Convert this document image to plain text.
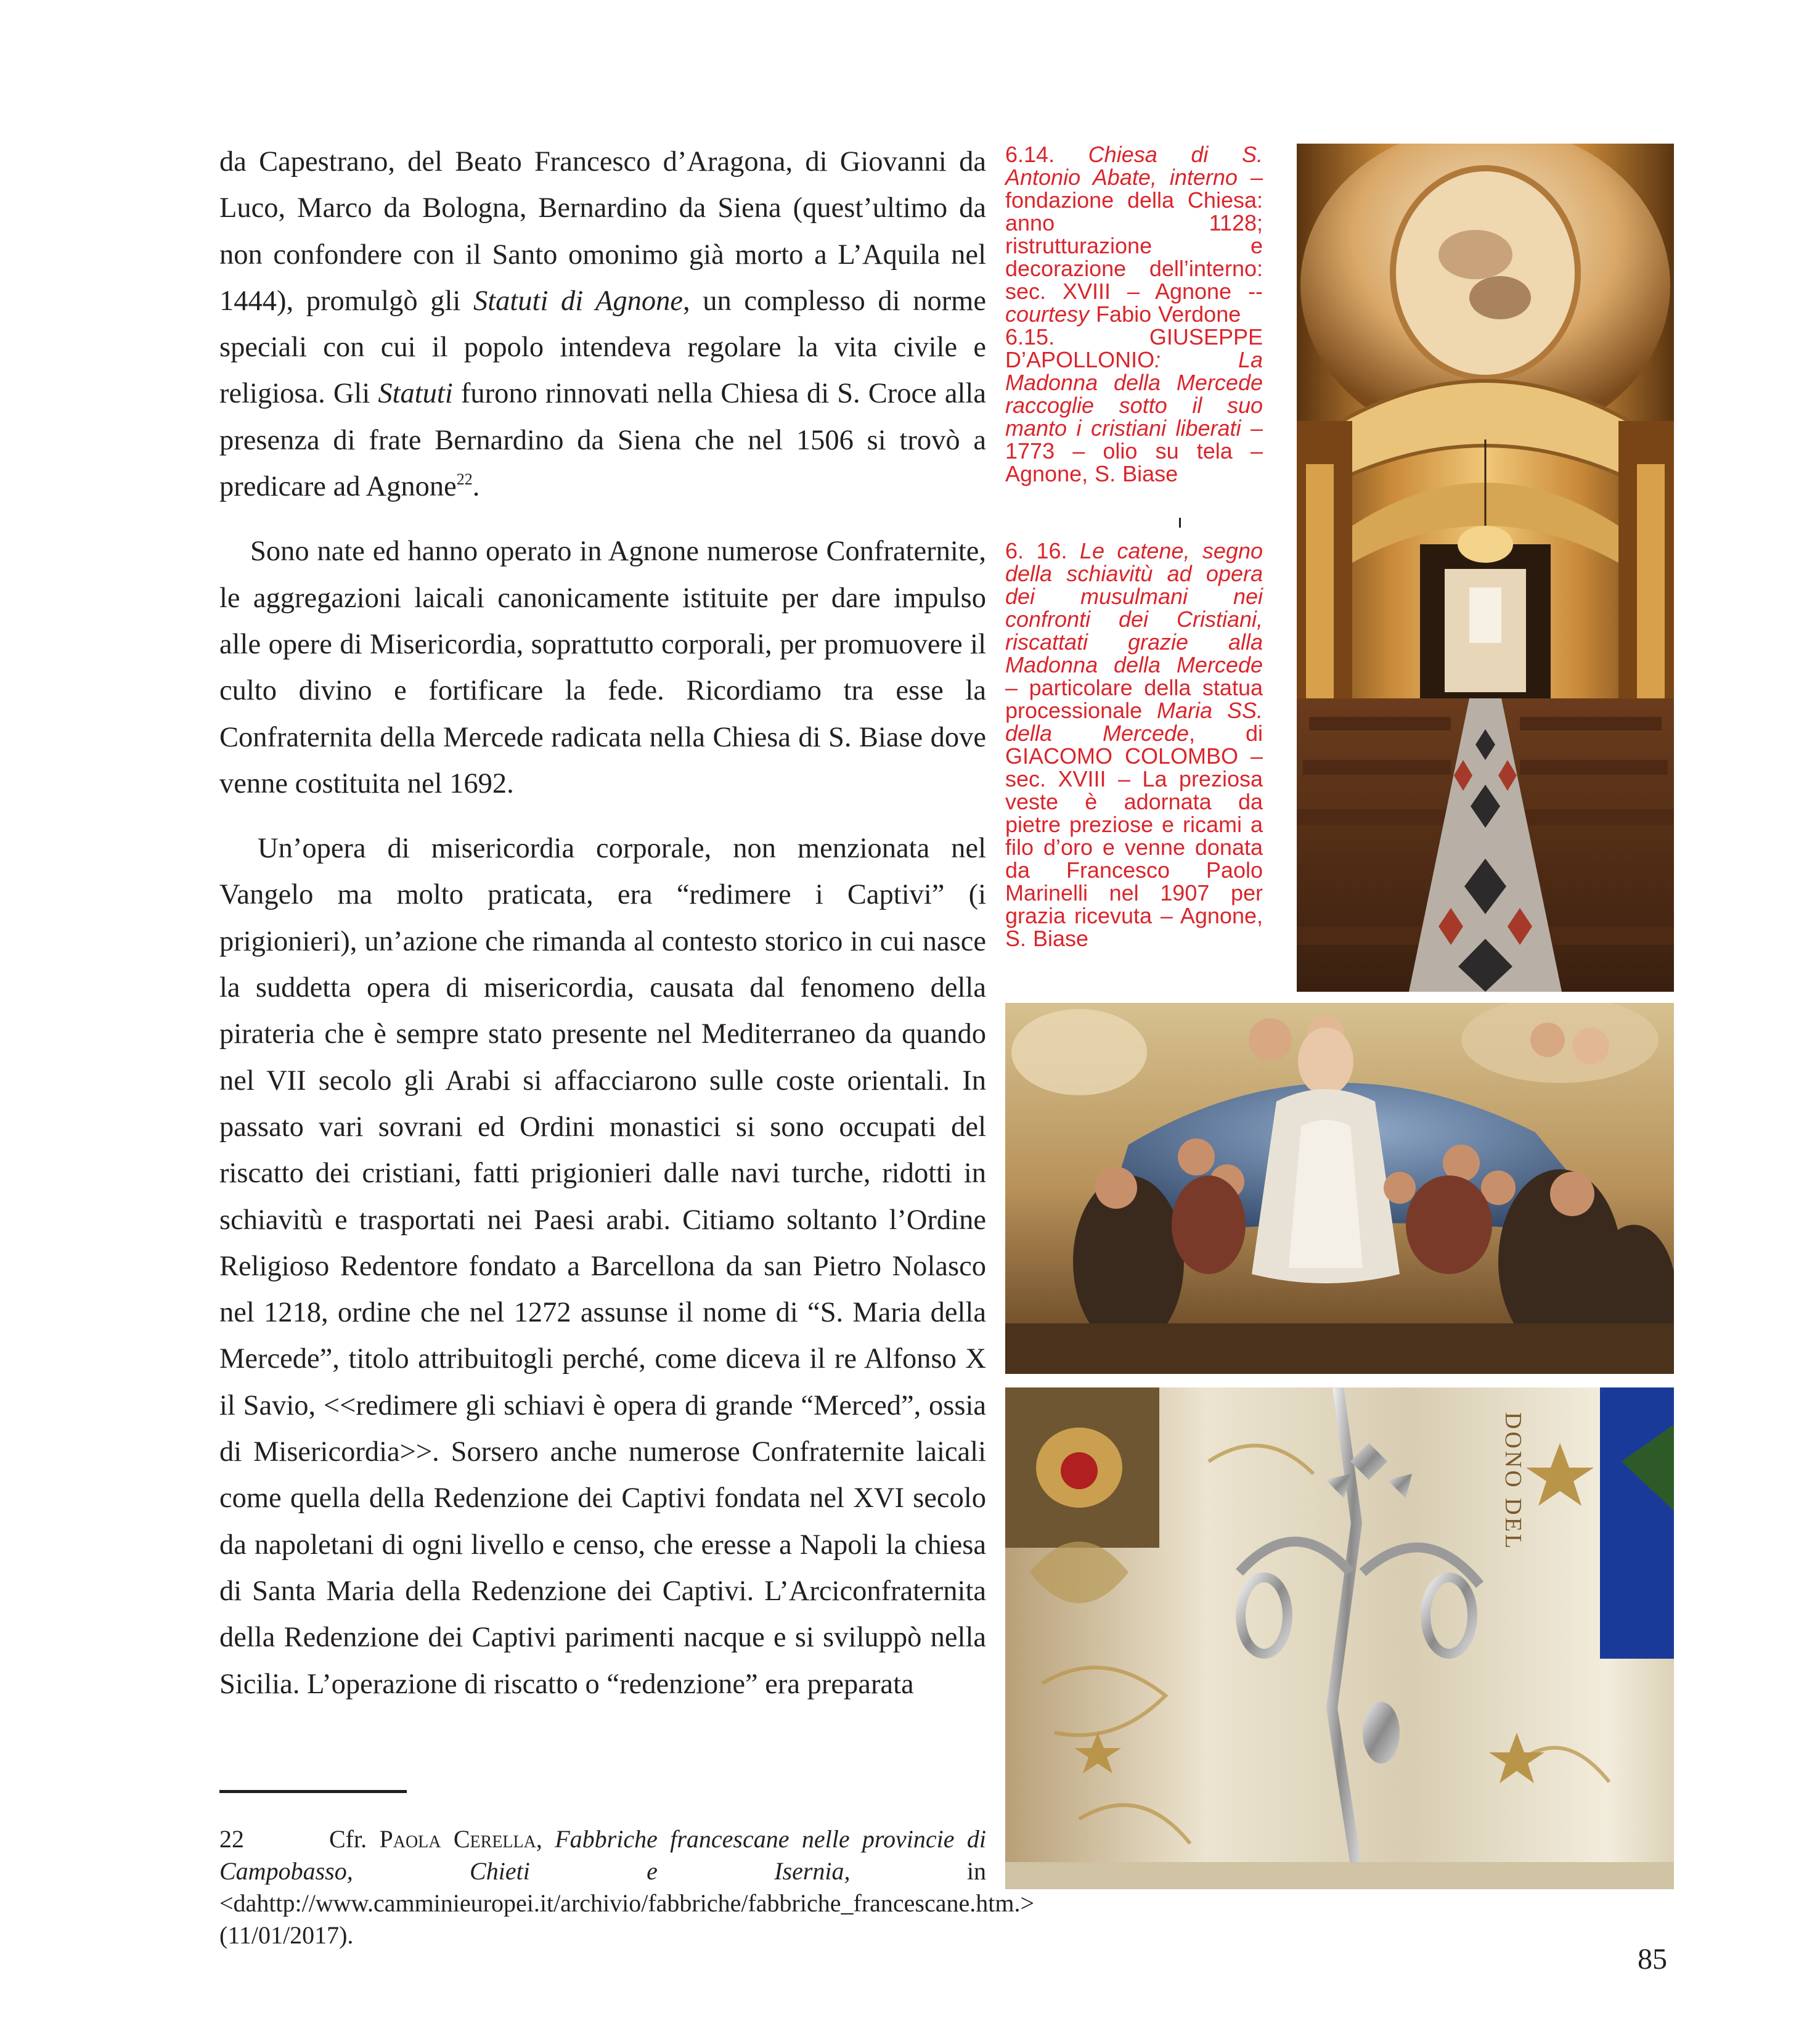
da Capestrano, del Beato Francesco d’Aragona, di Giovanni da Luco, Marco da Bologna, Bernardino da Siena (quest’ultimo da non confondere con il Santo omonimo già morto a L’Aquila nel 1444), promulgò gli Statuti di Agnone, un complesso di norme speciali con cui il popolo intendeva regolare la vita civile e religiosa. Gli Statuti furono rinnovati nella Chiesa di S. Croce alla presenza di frate Bernardino da Siena che nel 1506 si trovò a predicare ad Agnone$^{22}$.

Sono nate ed hanno operato in Agnone numerose Confraternite, le aggregazioni laicali canonicamente istituite per dare impulso alle opere di Misericordia, soprattutto corporali, per promuovere il culto divino e fortificare la fede. Ricordiamo tra esse la Confraternita della Mercede radicata nella Chiesa di S. Biase dove venne costituita nel 1692.

Un’opera di misericordia corporale, non menzionata nel Vangelo ma molto praticata, era “redimere i Captivi” (i prigionieri), un’azione che rimanda al contesto storico in cui nasce la suddetta opera di misericordia, causata dal fenomeno della pirateria che è sempre stato presente nel Mediterraneo da quando nel VII secolo gli Arabi si affacciarono sulle coste orientali. In passato vari sovrani ed Ordini monastici si sono occupati del riscatto dei cristiani, fatti prigionieri dalle navi turche, ridotti in schiavitù e trasportati nei Paesi arabi. Citiamo soltanto l’Ordine Religioso Redentore fondato a Barcellona da san Pietro Nolasco nel 1218, ordine che nel 1272 assunse il nome di “S. Maria della Mercede”, titolo attribuitogli perché, come diceva il re Alfonso X il Savio, <<redimere gli schiavi è opera di grande “Merced”, ossia di Misericordia>>. Sorsero anche numerose Confraternite laicali come quella della Redenzione dei Captivi fondata nel XVI secolo da napoletani di ogni livello e censo, che eresse a Napoli la chiesa di Santa Maria della Redenzione dei Captivi. L’Arciconfraternita della Redenzione dei Captivi parimenti nacque e si sviluppò nella Sicilia. L’operazione di riscatto o “redenzione” era preparata

22	Cfr. Paola Cerella, Fabbriche francescane nelle provincie di Campobasso, Chieti e Isernia, in <dahttp://www.camminieuropei.it/archivio/fabbriche/fabbriche_francescane.htm.> (11/01/2017).
6.14. Chiesa di S. Antonio Abate, interno – fondazione della Chiesa: anno 1128; ristrutturazione e decorazione dell’interno: sec. XVIII – Agnone -- courtesy Fabio Verdone
6.15. GIUSEPPE D’APOLLONIO: La Madonna della Mercede raccoglie sotto il suo manto i cristiani liberati – 1773 – olio su tela – Agnone, S. Biase
6. 16. Le catene, segno della schiavitù ad opera dei musulmani nei confronti dei Cristiani, riscattati grazie alla Madonna della Mercede – particolare della statua processionale Maria SS. della Mercede, di GIACOMO COLOMBO – sec. XVIII – La preziosa veste è adornata da pietre preziose e ricami a filo d’oro e venne donata da Francesco Paolo Marinelli nel 1907 per grazia ricevuta – Agnone, S. Biase
DONO DEL
85
